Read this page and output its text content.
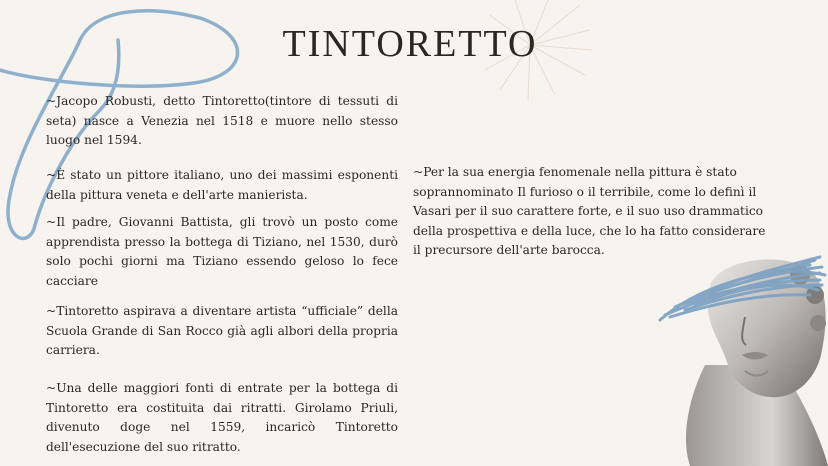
TINTORETTO

~Jacopo Robusti, detto Tintoretto(tintore di tessuti di seta) nasce a Venezia nel 1518 e muore nello stesso luogo nel 1594.

~È stato un pittore italiano, uno dei massimi esponenti della pittura veneta e dell'arte manierista.

~Il padre, Giovanni Battista, gli trovò un posto come apprendista presso la bottega di Tiziano, nel 1530, durò solo pochi giorni ma Tiziano essendo geloso lo fece cacciare

~Tintoretto aspirava a diventare artista “ufficiale” della Scuola Grande di San Rocco già agli albori della propria carriera.

~Una delle maggiori fonti di entrate per la bottega di Tintoretto era costituita dai ritratti. Girolamo Priuli, divenuto doge nel 1559, incaricò Tintoretto dell'esecuzione del suo ritratto.

~Per la sua energia fenomenale nella pittura è stato soprannominato Il furioso o il terribile, come lo definì il Vasari per il suo carattere forte, e il suo uso drammatico della prospettiva e della luce, che lo ha fatto considerare il precursore dell'arte barocca.
